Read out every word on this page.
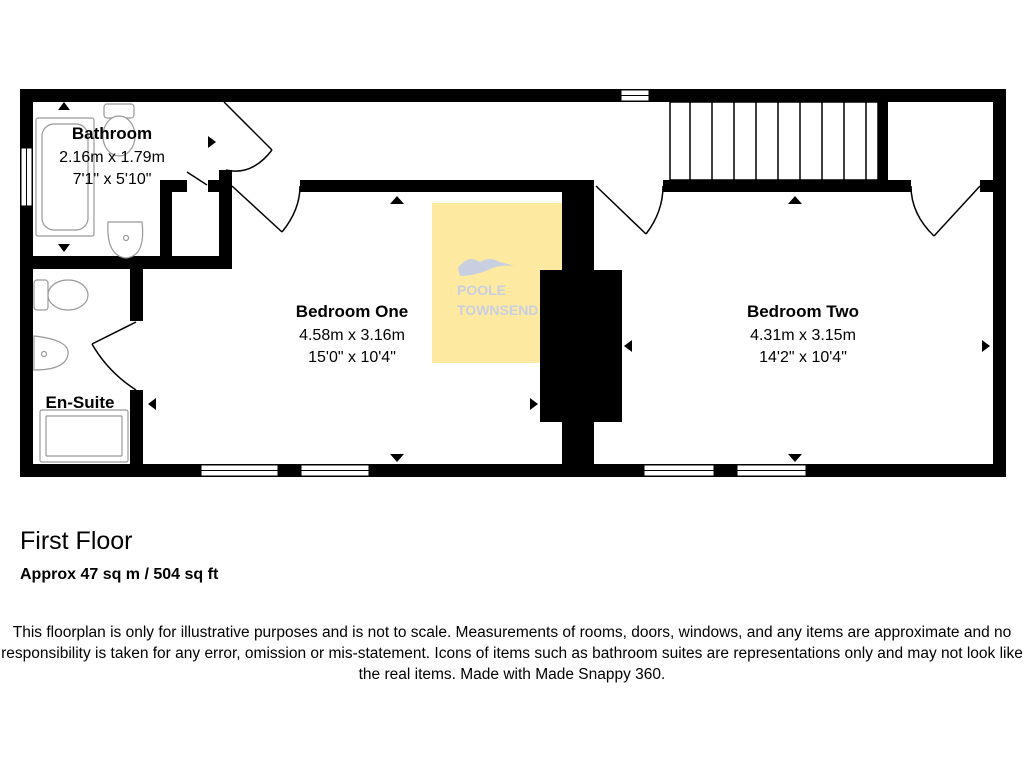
POOLE
TOWNSEND
Bathroom
2.16m x 1.79m
7'1" x 5'10"
En-Suite
Bedroom One
4.58m x 3.16m
15'0" x 10'4"
Bedroom Two
4.31m x 3.15m
14'2" x 10'4"
First Floor
Approx 47 sq m / 504 sq ft
This floorplan is only for illustrative purposes and is not to scale. Measurements of rooms, doors, windows, and any items are approximate and no responsibility is taken for any error, omission or mis-statement. Icons of items such as bathroom suites are representations only and may not look like the real items. Made with Made Snappy 360.
